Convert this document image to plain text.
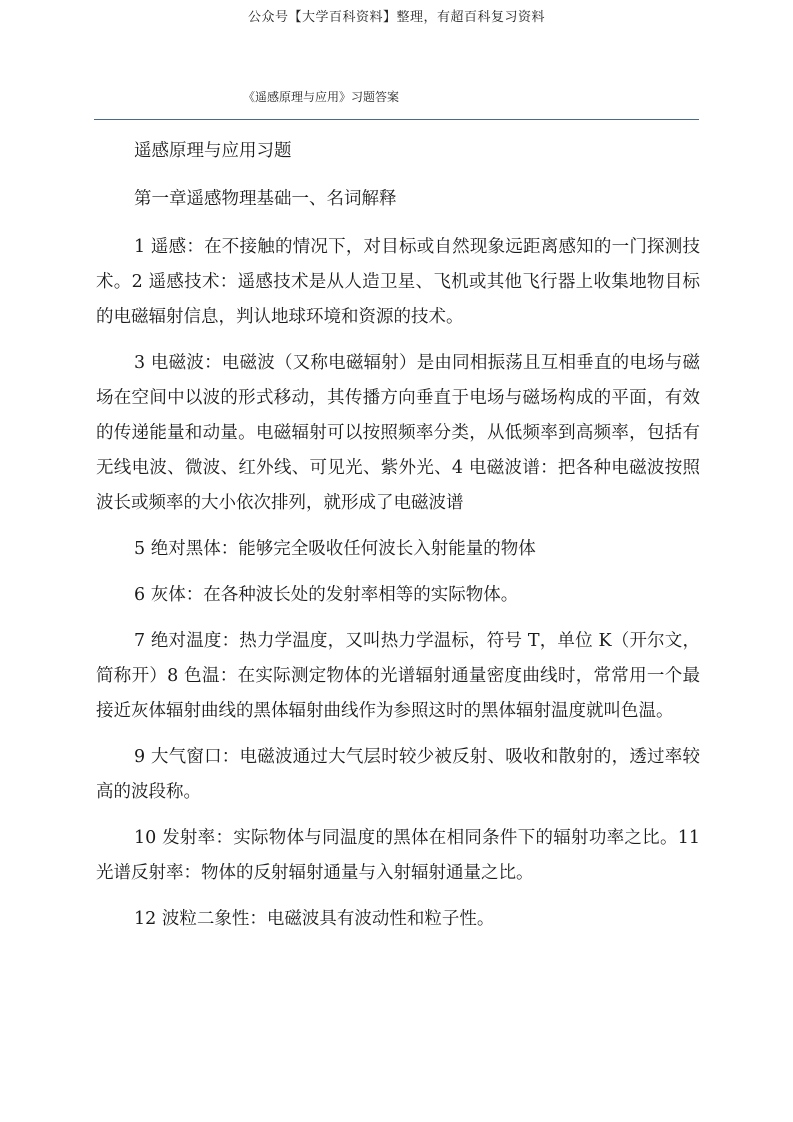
公众号【大学百科资料】整理，有超百科复习资料
《遥感原理与应用》习题答案

遥感原理与应用习题

第一章遥感物理基础一、名词解释

1 遥感：在不接触的情况下，对目标或自然现象远距离感知的一门探测技术。2 遥感技术：遥感技术是从人造卫星、飞机或其他飞行器上收集地物目标的电磁辐射信息，判认地球环境和资源的技术。

3 电磁波：电磁波（又称电磁辐射）是由同相振荡且互相垂直的电场与磁场在空间中以波的形式移动，其传播方向垂直于电场与磁场构成的平面，有效的传递能量和动量。电磁辐射可以按照频率分类，从低频率到高频率，包括有无线电波、微波、红外线、可见光、紫外光、4 电磁波谱：把各种电磁波按照波长或频率的大小依次排列，就形成了电磁波谱

5 绝对黑体：能够完全吸收任何波长入射能量的物体

6 灰体：在各种波长处的发射率相等的实际物体。

7 绝对温度：热力学温度，又叫热力学温标，符号 T，单位 K（开尔文，简称开）8 色温：在实际测定物体的光谱辐射通量密度曲线时，常常用一个最接近灰体辐射曲线的黑体辐射曲线作为参照这时的黑体辐射温度就叫色温。

9 大气窗口：电磁波通过大气层时较少被反射、吸收和散射的，透过率较高的波段称。

10 发射率：实际物体与同温度的黑体在相同条件下的辐射功率之比。11 光谱反射率：物体的反射辐射通量与入射辐射通量之比。

12 波粒二象性：电磁波具有波动性和粒子性。
